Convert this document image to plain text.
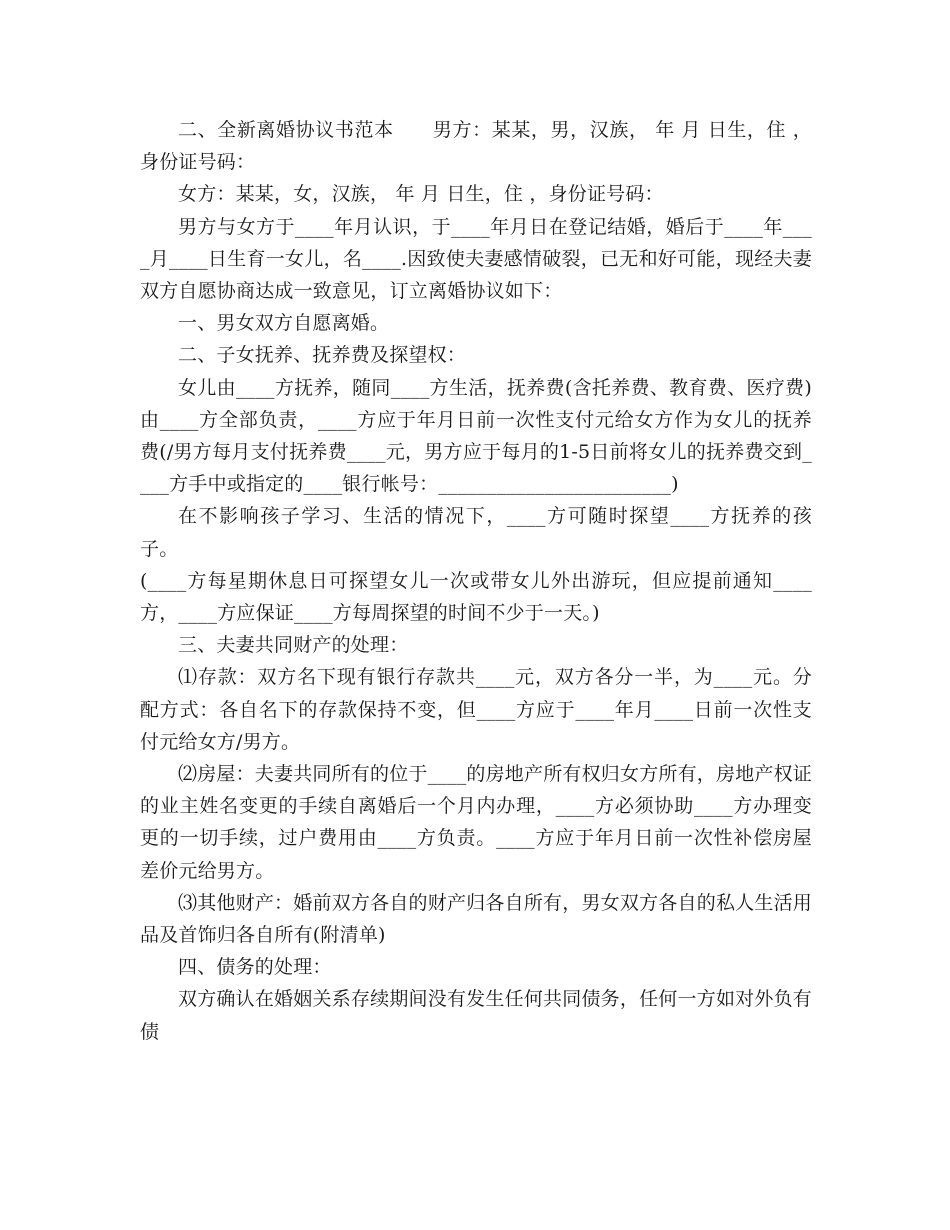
二、全新离婚协议书范本　　男方：某某，男，汉族， 年 月 日生，住 ，身份证号码：

女方：某某，女，汉族， 年 月 日生，住 ，身份证号码：

男方与女方于____年月认识，于____年月日在登记结婚，婚后于____年____月____日生育一女儿，名____.因致使夫妻感情破裂，已无和好可能，现经夫妻双方自愿协商达成一致意见，订立离婚协议如下：

一、男女双方自愿离婚。

二、子女抚养、抚养费及探望权：

女儿由____方抚养，随同____方生活，抚养费(含托养费、教育费、医疗费)由____方全部负责，____方应于年月日前一次性支付元给女方作为女儿的抚养费(/男方每月支付抚养费____元，男方应于每月的1-5日前将女儿的抚养费交到____方手中或指定的____银行帐号：________________________)

在不影响孩子学习、生活的情况下，____方可随时探望____方抚养的孩子。

(____方每星期休息日可探望女儿一次或带女儿外出游玩，但应提前通知____方，____方应保证____方每周探望的时间不少于一天。)

三、夫妻共同财产的处理：

⑴存款：双方名下现有银行存款共____元，双方各分一半，为____元。分配方式：各自名下的存款保持不变，但____方应于____年月____日前一次性支付元给女方/男方。

⑵房屋：夫妻共同所有的位于____的房地产所有权归女方所有，房地产权证的业主姓名变更的手续自离婚后一个月内办理，____方必须协助____方办理变更的一切手续，过户费用由____方负责。____方应于年月日前一次性补偿房屋差价元给男方。

⑶其他财产：婚前双方各自的财产归各自所有，男女双方各自的私人生活用品及首饰归各自所有(附清单)

四、债务的处理：

双方确认在婚姻关系存续期间没有发生任何共同债务，任何一方如对外负有债
